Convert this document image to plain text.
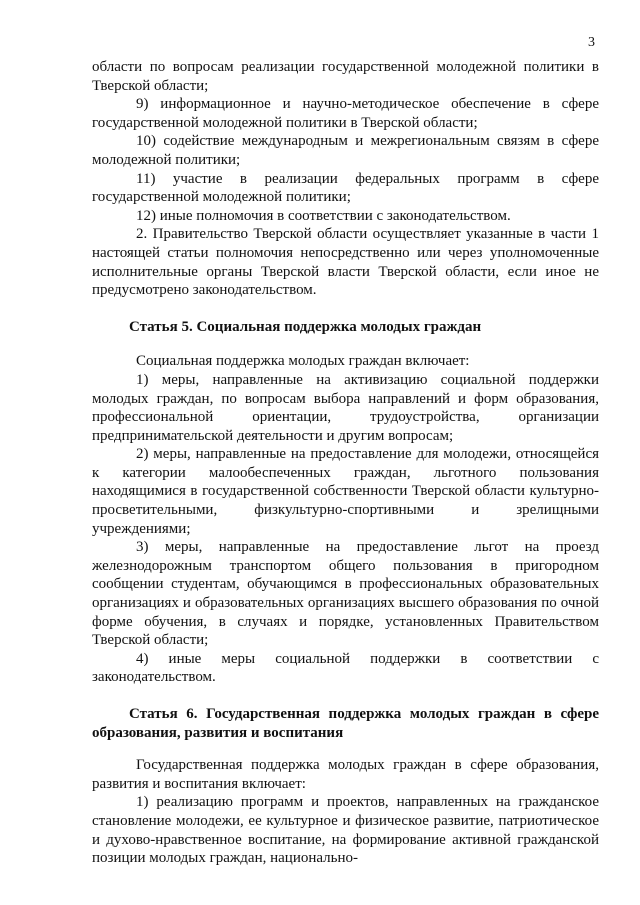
3

области по вопросам реализации государственной молодежной политики в Тверской области;

9) информационное и научно-методическое обеспечение в сфере государственной молодежной политики в Тверской области;

10) содействие международным и межрегиональным связям в сфере молодежной политики;

11) участие в реализации федеральных программ в сфере государственной молодежной политики;

12) иные полномочия в соответствии с законодательством.

2. Правительство Тверской области осуществляет указанные в части 1 настоящей статьи полномочия непосредственно или через уполномоченные исполнительные органы Тверской власти Тверской области, если иное не предусмотрено законодательством.

Статья 5. Социальная поддержка молодых граждан

Социальная поддержка молодых граждан включает:

1) меры, направленные на активизацию социальной поддержки молодых граждан, по вопросам выбора направлений и форм образования, профессиональной ориентации, трудоустройства, организации предпринимательской деятельности и другим вопросам;

2) меры, направленные на предоставление для молодежи, относящейся к категории малообеспеченных граждан, льготного пользования находящимися в государственной собственности Тверской области культурно-просветительными, физкультурно-спортивными и зрелищными учреждениями;

3) меры, направленные на предоставление льгот на проезд железнодорожным транспортом общего пользования в пригородном сообщении студентам, обучающимся в профессиональных образовательных организациях и образовательных организациях высшего образования по очной форме обучения, в случаях и порядке, установленных Правительством Тверской области;

4) иные меры социальной поддержки в соответствии с законодательством.

Статья 6. Государственная поддержка молодых граждан в сфере образования, развития и воспитания

Государственная поддержка молодых граждан в сфере образования, развития и воспитания включает:

1) реализацию программ и проектов, направленных на гражданское становление молодежи, ее культурное и физическое развитие, патриотическое и духово-нравственное воспитание, на формирование активной гражданской позиции молодых граждан, национально-
